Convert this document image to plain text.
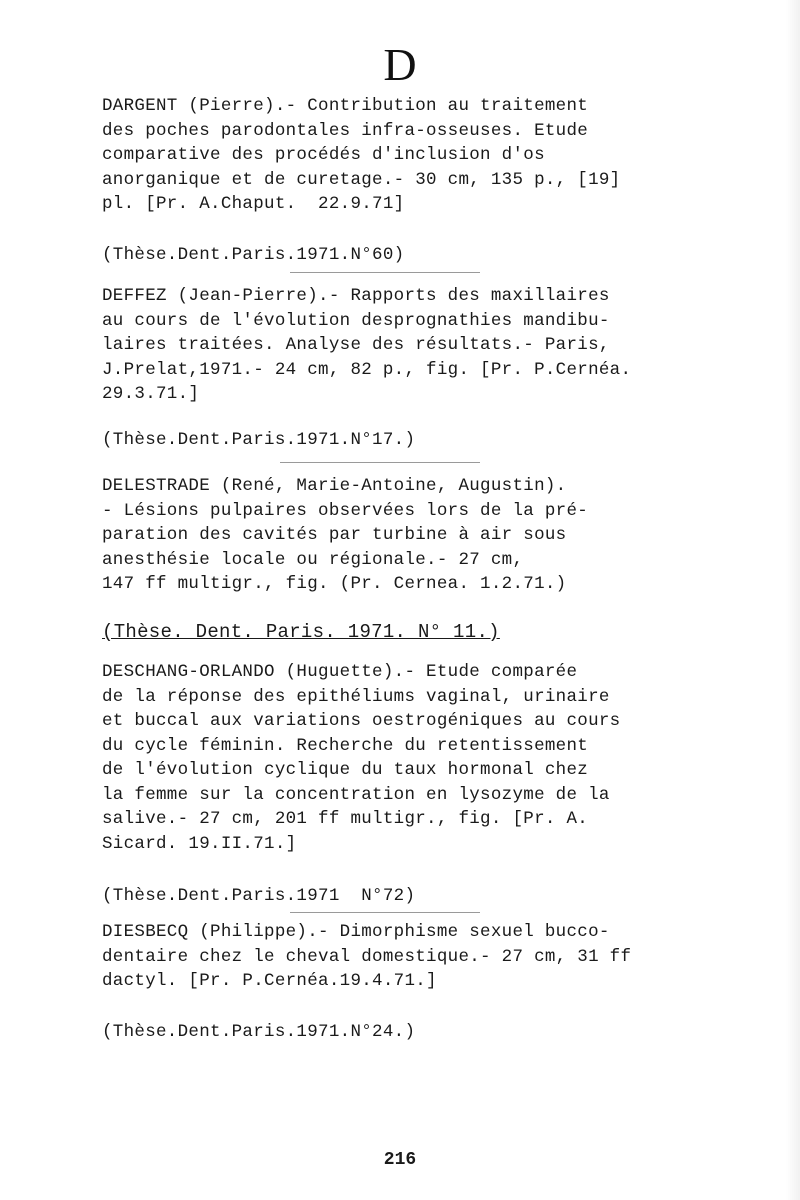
D
DARGENT (Pierre).- Contribution au traitement
des poches parodontales infra-osseuses. Etude
comparative des procédés d'inclusion d'os
anorganique et de curetage.- 30 cm, 135 p., [19]
pl. [Pr. A.Chaput.  22.9.71]
(Thèse.Dent.Paris.1971.N°60)
DEFFEZ (Jean-Pierre).- Rapports des maxillaires
au cours de l'évolution desprognathies mandibu-
laires traitées. Analyse des résultats.- Paris,
J.Prelat,1971.- 24 cm, 82 p., fig. [Pr. P.Cernéa.
29.3.71.]
(Thèse.Dent.Paris.1971.N°17.)
DELESTRADE (René, Marie-Antoine, Augustin).
- Lésions pulpaires observées lors de la pré-
paration des cavités par turbine à air sous
anesthésie locale ou régionale.- 27 cm,
147 ff multigr., fig. (Pr. Cernea. 1.2.71.)
(Thèse. Dent. Paris. 1971. N° 11.)
DESCHANG-ORLANDO (Huguette).- Etude comparée
de la réponse des epithéliums vaginal, urinaire
et buccal aux variations oestrogéniques au cours
du cycle féminin. Recherche du retentissement
de l'évolution cyclique du taux hormonal chez
la femme sur la concentration en lysozyme de la
salive.- 27 cm, 201 ff multigr., fig. [Pr. A.
Sicard. 19.II.71.]
(Thèse.Dent.Paris.1971  N°72)
DIESBECQ (Philippe).- Dimorphisme sexuel bucco-
dentaire chez le cheval domestique.- 27 cm, 31 ff
dactyl. [Pr. P.Cernéa.19.4.71.]
(Thèse.Dent.Paris.1971.N°24.)
216
